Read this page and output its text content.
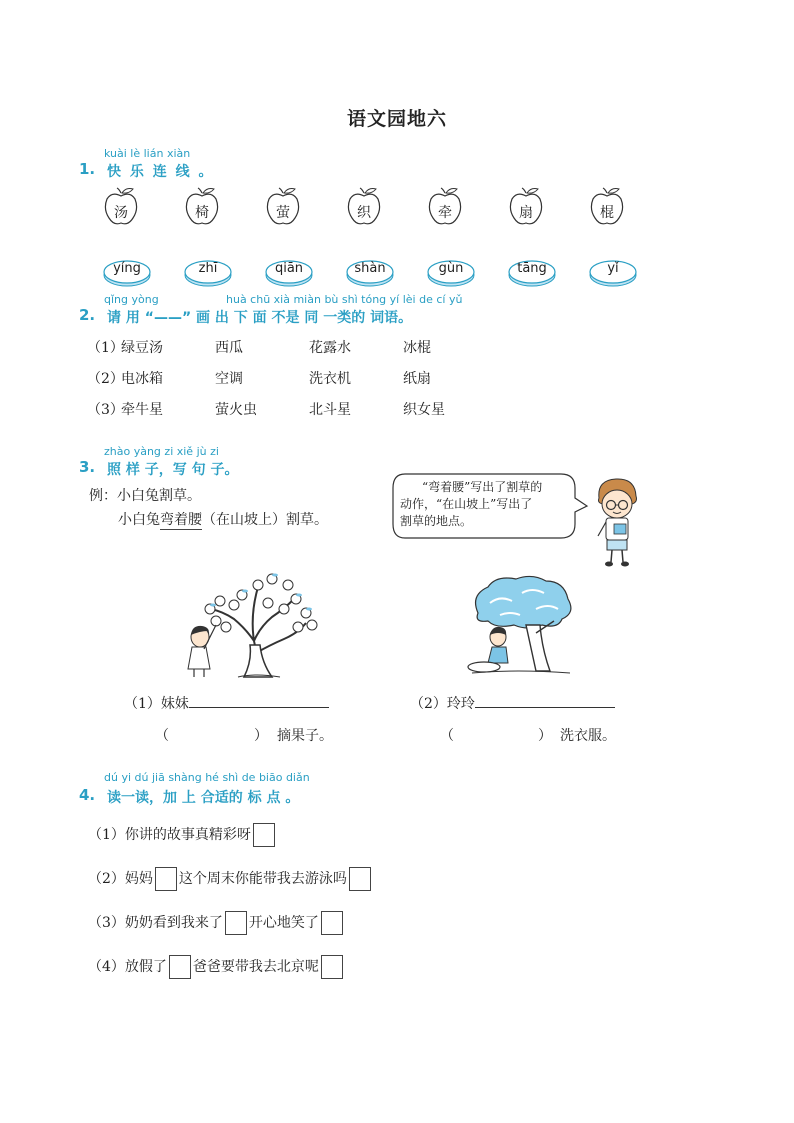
语文园地六
kuài lè lián xiàn
1. 快 乐 连 线 。
汤	椅	萤	织	牵	扇	棍
yíng	zhī	qiān	shàn	gùn	tāng	yǐ
qǐng yòng	huà chū xià miàn bù shì tóng yí lèi de cí yǔ
2. 请 用 “——” 画 出 下 面 不是 同 一类的 词语。
（1）
绿豆汤	西瓜	花露水	冰棍
（2）
电冰箱	空调	洗衣机	纸扇
（3）
牵牛星	萤火虫	北斗星	织女星
zhào yàng zi xiě jù zi
3. 照 样 子，写 句 子。
例：小白兔割草。
小白兔弯着腰（在山坡上）割草。
“弯着腰”写出了割草的
动作，“在山坡上”写出了
割草的地点。
（1）妹妹
（	） 摘果子。
（2）玲玲
（	） 洗衣服。
dú yi dú jiā shàng hé shì de biāo diǎn
4. 读一读，加 上 合适的 标 点 。
（1）你讲的故事真精彩呀
（2）妈妈 这个周末你能带我去游泳吗
（3）奶奶看到我来了 开心地笑了
（4）放假了 爸爸要带我去北京呢
